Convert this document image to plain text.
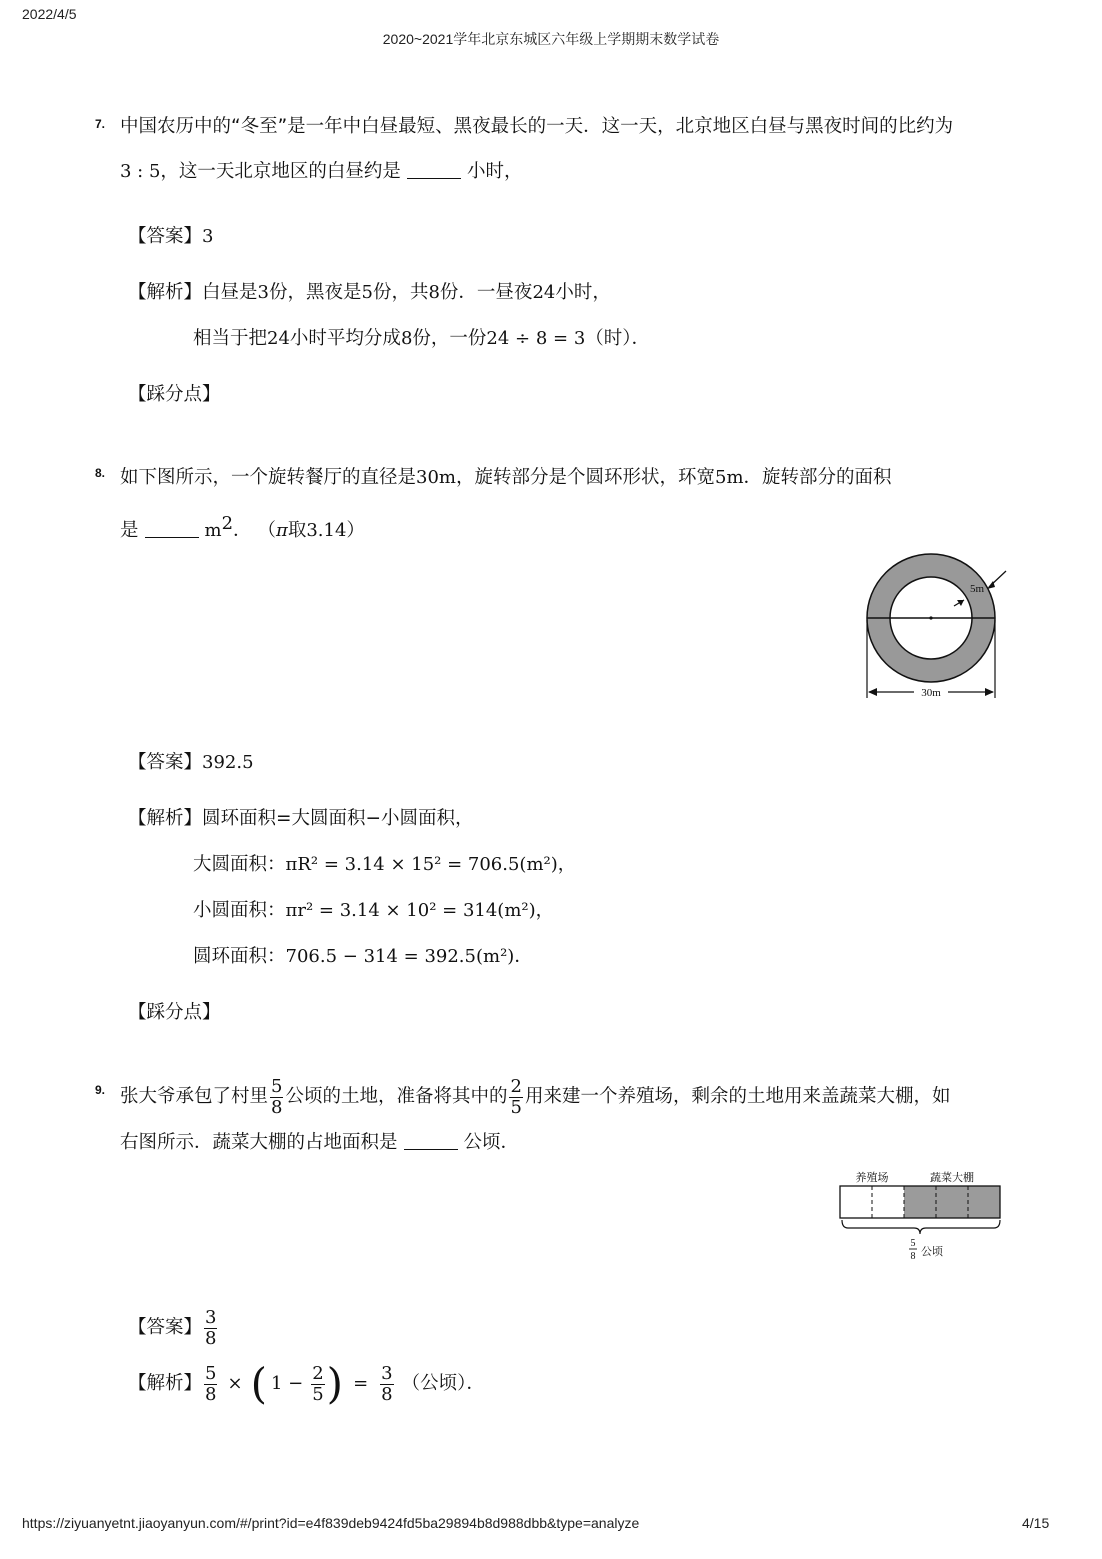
2022/4/5
2020~2021学年北京东城区六年级上学期期末数学试卷
7. 中国农历中的“冬至”是一年中白昼最短、黑夜最长的一天．这一天，北京地区白昼与黑夜时间的比约为
3 : 5，这一天北京地区的白昼约是	小时，
【答案】3
【解析】白昼是3份，黑夜是5份，共8份．一昼夜24小时，
相当于把24小时平均分成8份，一份24 ÷ 8 = 3（时）．
【踩分点】
8. 如下图所示，一个旋转餐厅的直径是30m，旋转部分是个圆环形状，环宽5m．旋转部分的面积
是	$m^2$． （π取3.14）
5m
30m
【答案】392.5
【解析】圆环面积=大圆面积−小圆面积，
大圆面积：πR² = 3.14 × 15² = 706.5(m²)，
小圆面积：πr² = 3.14 × 10² = 314(m²)，
圆环面积：706.5 − 314 = 392.5(m²)．
【踩分点】
9. 张大爷承包了村里 $\frac{5}{8}$ 公顷的土地，准备将其中的 $\frac{2}{5}$ 用来建一个养殖场，剩余的土地用来盖蔬菜大棚，如
右图所示．蔬菜大棚的占地面积是	公顷．
养殖场	蔬菜大棚
5
8 公顷
【答案】 $\frac{3}{8}$
【解析】 $\frac{5}{8}$ × ( $1 - \frac{2}{5}$ ) = $\frac{3}{8}$ （公顷）．
https://ziyuanyetnt.jiaoyanyun.com/#/print?id=e4f839deb9424fd5ba29894b8d988dbb&type=analyze	4/15
